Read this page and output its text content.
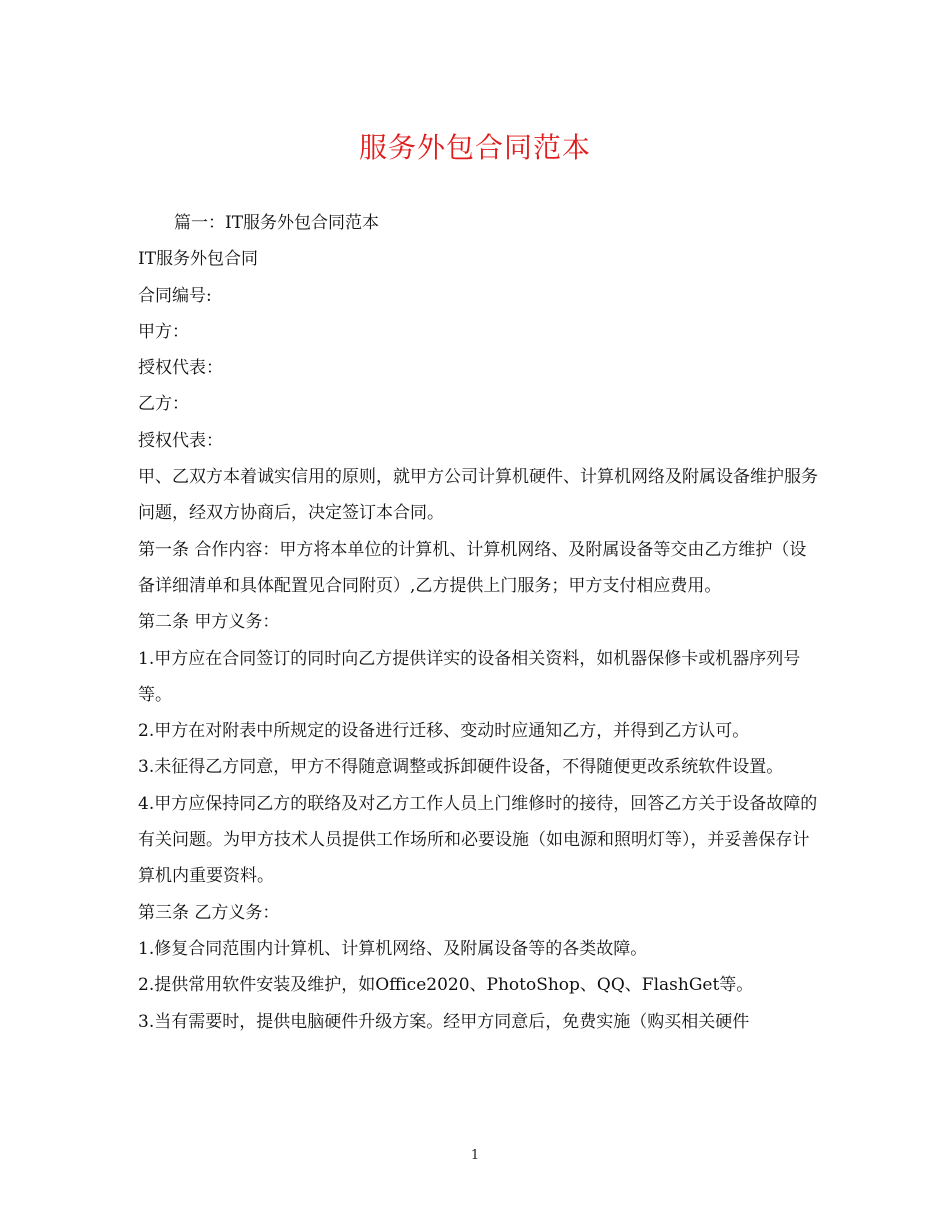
服务外包合同范本

篇一：IT服务外包合同范本

IT服务外包合同

合同编号:

甲方：

授权代表：

乙方：

授权代表：

甲、乙双方本着诚实信用的原则，就甲方公司计算机硬件、计算机网络及附属设备维护服务问题，经双方协商后，决定签订本合同。

第一条 合作内容：甲方将本单位的计算机、计算机网络、及附属设备等交由乙方维护（设备详细清单和具体配置见合同附页）,乙方提供上门服务；甲方支付相应费用。

第二条 甲方义务：

1.甲方应在合同签订的同时向乙方提供详实的设备相关资料，如机器保修卡或机器序列号等。

2.甲方在对附表中所规定的设备进行迁移、变动时应通知乙方，并得到乙方认可。

3.未征得乙方同意，甲方不得随意调整或拆卸硬件设备，不得随便更改系统软件设置。

4.甲方应保持同乙方的联络及对乙方工作人员上门维修时的接待，回答乙方关于设备故障的有关问题。为甲方技术人员提供工作场所和必要设施（如电源和照明灯等），并妥善保存计算机内重要资料。

第三条 乙方义务：

1.修复合同范围内计算机、计算机网络、及附属设备等的各类故障。

2.提供常用软件安装及维护，如Office2020、PhotoShop、QQ、FlashGet等。

3.当有需要时，提供电脑硬件升级方案。经甲方同意后，免费实施（购买相关硬件

1
